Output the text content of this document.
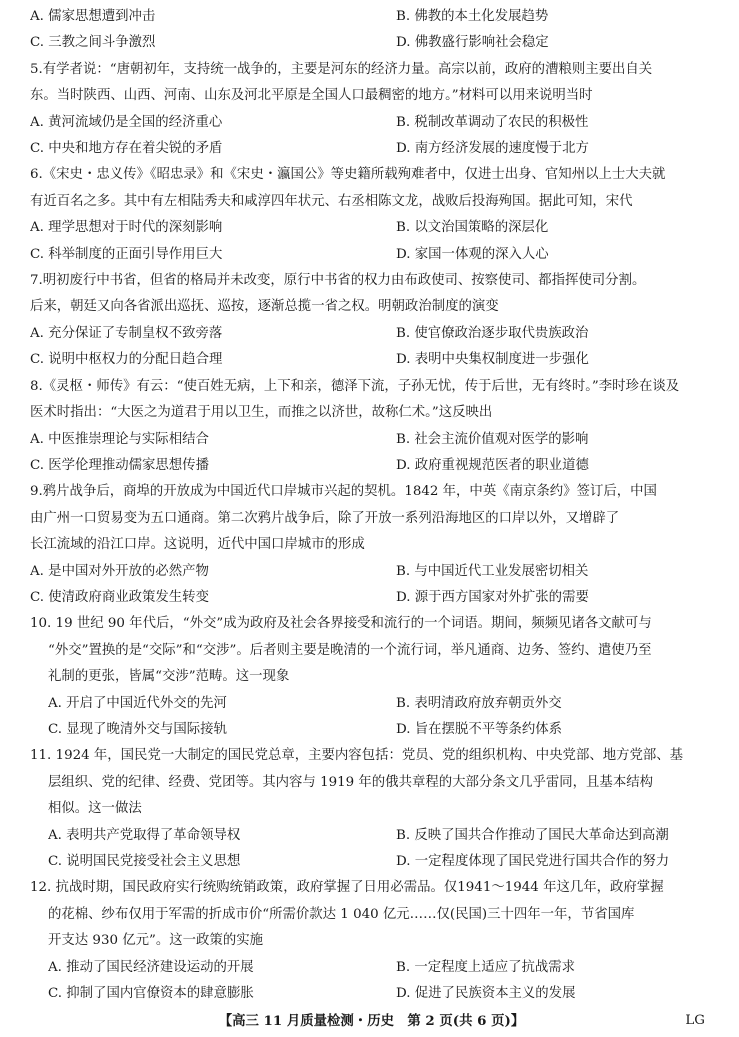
A. 儒家思想遭到冲击	B. 佛教的本土化发展趋势
C. 三教之间斗争激烈	D. 佛教盛行影响社会稳定
5.有学者说：“唐朝初年，支持统一战争的，主要是河东的经济力量。高宗以前，政府的漕粮则主要出自关
东。当时陕西、山西、河南、山东及河北平原是全国人口最稠密的地方。”材料可以用来说明当时
A. 黄河流域仍是全国的经济重心	B. 税制改革调动了农民的积极性
C. 中央和地方存在着尖锐的矛盾	D. 南方经济发展的速度慢于北方
6.《宋史・忠义传》《昭忠录》和《宋史・瀛国公》等史籍所载殉难者中，仅进士出身、官知州以上士大夫就
有近百名之多。其中有左相陆秀夫和咸淳四年状元、右丞相陈文龙，战败后投海殉国。据此可知，宋代
A. 理学思想对于时代的深刻影响	B. 以文治国策略的深层化
C. 科举制度的正面引导作用巨大	D. 家国一体观的深入人心
7.明初废行中书省，但省的格局并未改变，原行中书省的权力由布政使司、按察使司、都指挥使司分割。
后来，朝廷又向各省派出巡抚、巡按，逐渐总揽一省之权。明朝政治制度的演变
A. 充分保证了专制皇权不致旁落	B. 使官僚政治逐步取代贵族政治
C. 说明中枢权力的分配日趋合理	D. 表明中央集权制度进一步强化
8.《灵枢・师传》有云：“使百姓无病，上下和亲，德泽下流，子孙无忧，传于后世，无有终时。”李时珍在谈及
医术时指出：“大医之为道君于用以卫生，而推之以济世，故称仁术。”这反映出
A. 中医推崇理论与实际相结合	B. 社会主流价值观对医学的影响
C. 医学伦理推动儒家思想传播	D. 政府重视规范医者的职业道德
9.鸦片战争后，商埠的开放成为中国近代口岸城市兴起的契机。1842 年，中英《南京条约》签订后，中国
由广州一口贸易变为五口通商。第二次鸦片战争后，除了开放一系列沿海地区的口岸以外，又增辟了
长江流域的沿江口岸。这说明，近代中国口岸城市的形成
A. 是中国对外开放的必然产物	B. 与中国近代工业发展密切相关
C. 使清政府商业政策发生转变	D. 源于西方国家对外扩张的需要
10. 19 世纪 90 年代后，“外交”成为政府及社会各界接受和流行的一个词语。期间，频频见诸各文献可与
“外交”置换的是“交际”和“交涉”。后者则主要是晚清的一个流行词，举凡通商、边务、签约、遣使乃至
礼制的更张，皆属“交涉”范畴。这一现象
A. 开启了中国近代外交的先河	B. 表明清政府放弃朝贡外交
C. 显现了晚清外交与国际接轨	D. 旨在摆脱不平等条约体系
11. 1924 年，国民党一大制定的国民党总章，主要内容包括：党员、党的组织机构、中央党部、地方党部、基
层组织、党的纪律、经费、党团等。其内容与 1919 年的俄共章程的大部分条文几乎雷同，且基本结构
相似。这一做法
A. 表明共产党取得了革命领导权	B. 反映了国共合作推动了国民大革命达到高潮
C. 说明国民党接受社会主义思想	D. 一定程度体现了国民党进行国共合作的努力
12. 抗战时期，国民政府实行统购统销政策，政府掌握了日用必需品。仅1941～1944 年这几年，政府掌握
的花棉、纱布仅用于军需的折成市价“所需价款达 1 040 亿元……仅(民国)三十四年一年，节省国库
开支达 930 亿元”。这一政策的实施
A. 推动了国民经济建设运动的开展	B. 一定程度上适应了抗战需求
C. 抑制了国内官僚资本的肆意膨胀	D. 促进了民族资本主义的发展
【高三 11 月质量检测・历史　第 2 页(共 6 页)】	LG
